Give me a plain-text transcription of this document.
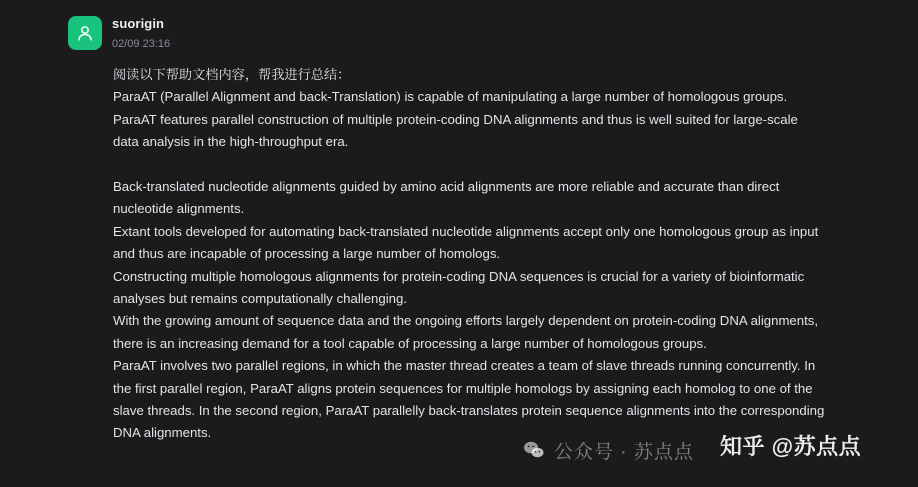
suorigin
02/09 23:16

阅读以下帮助文档内容，帮我进行总结：

ParaAT (Parallel Alignment and back-Translation) is capable of manipulating a large number of homologous groups. ParaAT features parallel construction of multiple protein-coding DNA alignments and thus is well suited for large-scale data analysis in the high-throughput era.

Back-translated nucleotide alignments guided by amino acid alignments are more reliable and accurate than direct nucleotide alignments.

Extant tools developed for automating back-translated nucleotide alignments accept only one homologous group as input and thus are incapable of processing a large number of homologs.

Constructing multiple homologous alignments for protein-coding DNA sequences is crucial for a variety of bioinformatic analyses but remains computationally challenging.

With the growing amount of sequence data and the ongoing efforts largely dependent on protein-coding DNA alignments, there is an increasing demand for a tool capable of processing a large number of homologous groups.

ParaAT involves two parallel regions, in which the master thread creates a team of slave threads running concurrently. In the first parallel region, ParaAT aligns protein sequences for multiple homologs by assigning each homolog to one of the slave threads. In the second region, ParaAT parallelly back-translates protein sequence alignments into the corresponding DNA alignments.

公众号 · 苏点点 知乎 @苏点点
